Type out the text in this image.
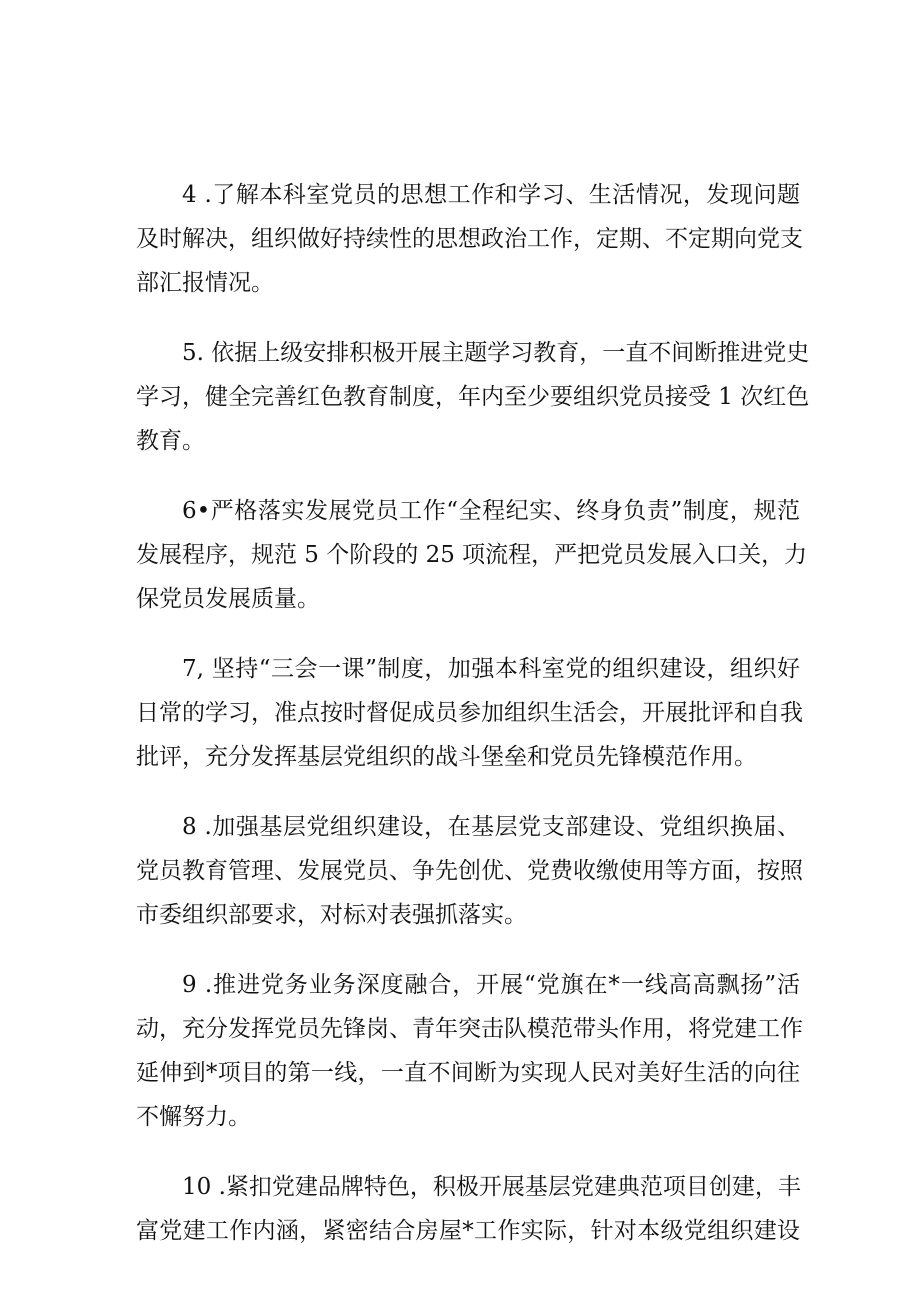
4 .了解本科室党员的思想工作和学习、生活情况，发现问题
及时解决，组织做好持续性的思想政治工作，定期、不定期向党支
部汇报情况。

5. 依据上级安排积极开展主题学习教育，一直不间断推进党史
学习，健全完善红色教育制度，年内至少要组织党员接受 1 次红色
教育。

6•严格落实发展党员工作“全程纪实、终身负责”制度，规范
发展程序，规范 5 个阶段的 25 项流程，严把党员发展入口关，力
保党员发展质量。

7, 坚持“三会一课”制度，加强本科室党的组织建设，组织好
日常的学习，准点按时督促成员参加组织生活会，开展批评和自我
批评，充分发挥基层党组织的战斗堡垒和党员先锋模范作用。

8 .加强基层党组织建设，在基层党支部建设、党组织换届、
党员教育管理、发展党员、争先创优、党费收缴使用等方面，按照
市委组织部要求，对标对表强抓落实。

9 .推进党务业务深度融合，开展“党旗在*一线高高飘扬”活
动，充分发挥党员先锋岗、青年突击队模范带头作用，将党建工作
延伸到*项目的第一线，一直不间断为实现人民对美好生活的向往
不懈努力。

10 .紧扣党建品牌特色，积极开展基层党建典范项目创建，丰
富党建工作内涵，紧密结合房屋*工作实际，针对本级党组织建设
